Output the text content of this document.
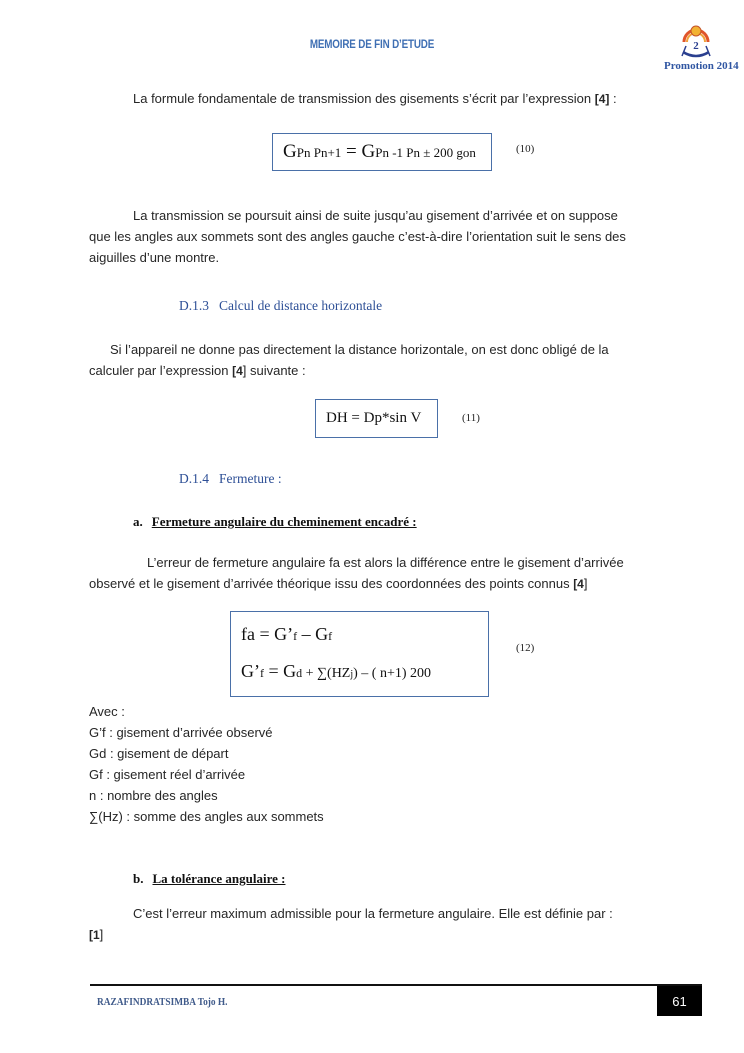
MEMOIRE DE FIN D’ETUDE	2
Promotion 2014
La formule fondamentale de transmission des gisements s’écrit par l’expression [4] :
GPn Pn+1 = GPn -1 Pn ± 200 gon	(10)
La transmission se poursuit ainsi de suite jusqu’au gisement d’arrivée et on suppose
que les angles aux sommets sont des angles gauche c’est-à-dire l’orientation suit le sens des
aiguilles d’une montre.
D.1.3 Calcul de distance horizontale
Si l’appareil ne donne pas directement la distance horizontale, on est donc obligé de la
calculer par l’expression [4] suivante :
DH = Dp*sin V	(11)
D.1.4 Fermeture :
a. Fermeture angulaire du cheminement encadré :
L’erreur de fermeture angulaire fa est alors la différence entre le gisement d’arrivée
observé et le gisement d’arrivée théorique issu des coordonnées des points connus [4]
fa = G’f – Gf
G’f = Gd + ∑(HZj) – ( n+1) 200
(12)
Avec :
G’f : gisement d’arrivée observé
Gd : gisement de départ
Gf : gisement réel d’arrivée
n : nombre des angles
∑(Hz) : somme des angles aux sommets
b. La tolérance angulaire :
C’est l’erreur maximum admissible pour la fermeture angulaire. Elle est définie par :
[1]
RAZAFINDRATSIMBA Tojo H.	61
